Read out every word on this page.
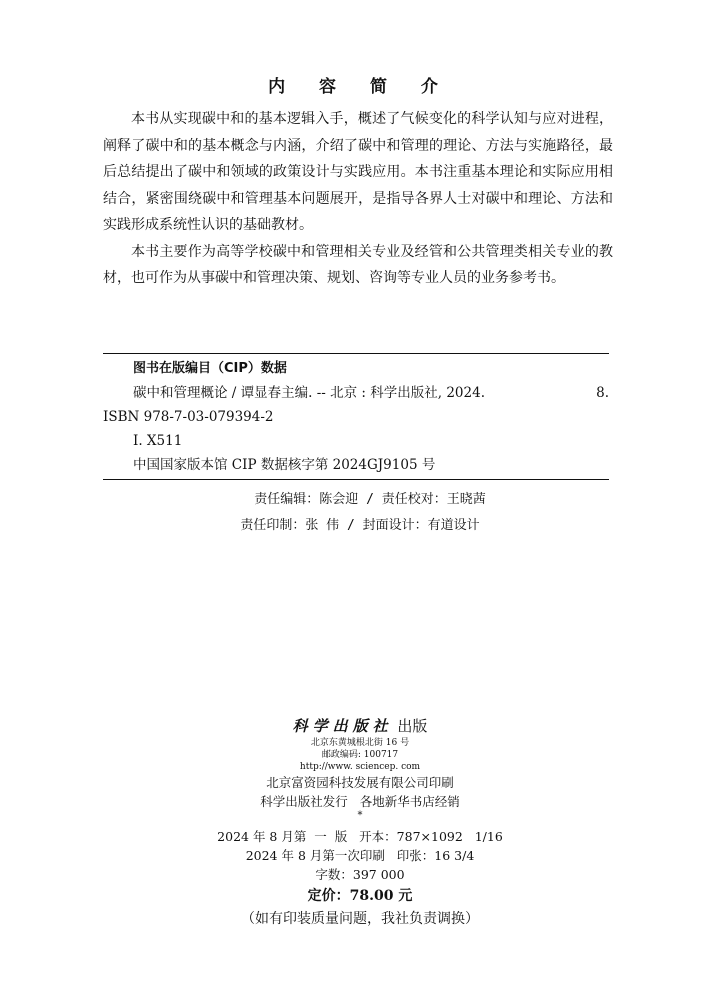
内 容 简 介

本书从实现碳中和的基本逻辑入手，概述了气候变化的科学认知与应对进程，阐释了碳中和的基本概念与内涵，介绍了碳中和管理的理论、方法与实施路径，最后总结提出了碳中和领域的政策设计与实践应用。本书注重基本理论和实际应用相结合，紧密围绕碳中和管理基本问题展开，是指导各界人士对碳中和理论、方法和实践形成系统性认识的基础教材。

本书主要作为高等学校碳中和管理相关专业及经管和公共管理类相关专业的教材，也可作为从事碳中和管理决策、规划、咨询等专业人员的业务参考书。

图书在版编目（CIP）数据
碳中和管理概论 / 谭显春主编. -- 北京 : 科学出版社, 2024.	8.
ISBN 978-7-03-079394-2
Ⅰ. X511
中国国家版本馆 CIP 数据核字第 2024GJ9105 号
责任编辑：陈会迎 / 责任校对：王晓茜
责任印制：张 伟 / 封面设计：有道设计
科学出版社 出版
北京东黄城根北街 16 号
邮政编码: 100717
http://www. sciencep. com
北京富资园科技发展有限公司印刷
科学出版社发行   各地新华书店经销
*
2024 年 8 月第  一  版   开本：787×1092   1/16
2024 年 8 月第一次印刷   印张：16 3/4
字数：397 000
定价：78.00 元
（如有印装质量问题，我社负责调换）
